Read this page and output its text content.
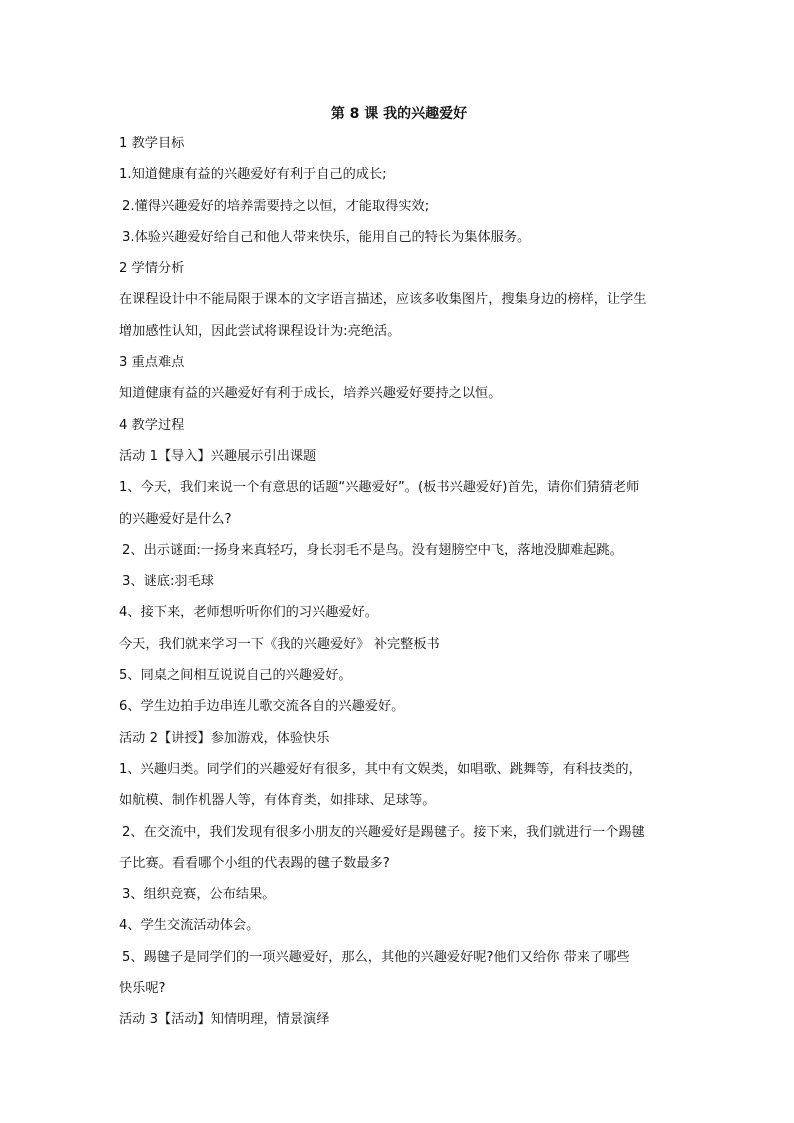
第 8 课 我的兴趣爱好

1 教学目标

1.知道健康有益的兴趣爱好有利于自己的成长;

2.懂得兴趣爱好的培养需要持之以恒，才能取得实效;

3.体验兴趣爱好给自己和他人带来快乐，能用自己的特长为集体服务。

2 学情分析

在课程设计中不能局限于课本的文字语言描述，应该多收集图片，搜集身边的榜样，让学生

增加感性认知，因此尝试将课程设计为:亮绝活。

3 重点难点

知道健康有益的兴趣爱好有利于成长，培养兴趣爱好要持之以恒。

4 教学过程

活动 1【导入】兴趣展示引出课题

1、今天，我们来说一个有意思的话题“兴趣爱好”。(板书兴趣爱好)首先，请你们猜猜老师

的兴趣爱好是什么?

2、出示谜面:一扬身来真轻巧，身长羽毛不是鸟。没有翅膀空中飞，落地没脚难起跳。

3、谜底:羽毛球

4、接下来，老师想听听你们的习兴趣爱好。

今天，我们就来学习一下《我的兴趣爱好》 补完整板书

5、同桌之间相互说说自己的兴趣爱好。

6、学生边拍手边串连儿歌交流各自的兴趣爱好。

活动 2【讲授】参加游戏，体验快乐

1、兴趣归类。同学们的兴趣爱好有很多，其中有文娱类，如唱歌、跳舞等，有科技类的，

如航模、制作机器人等，有体育类，如排球、足球等。

2、在交流中，我们发现有很多小朋友的兴趣爱好是踢毽子。接下来，我们就进行一个踢毽

子比赛。看看哪个小组的代表踢的毽子数最多?

3、组织竞赛，公布结果。

4、学生交流活动体会。

5、踢毽子是同学们的一项兴趣爱好，那么，其他的兴趣爱好呢?他们又给你 带来了哪些

快乐呢?

活动 3【活动】知情明理，情景演绎
